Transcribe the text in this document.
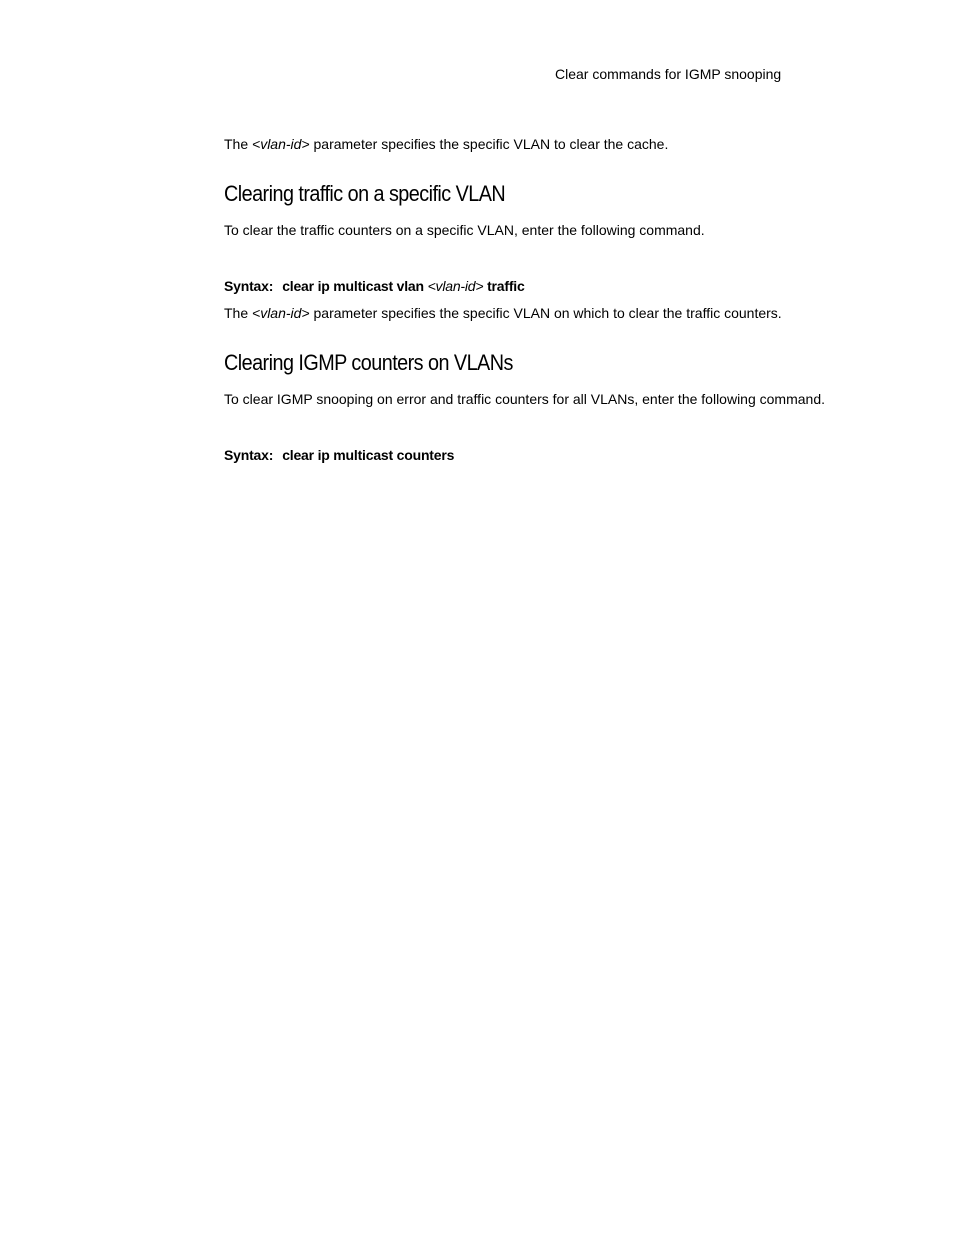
Clear commands for IGMP snooping
The <vlan-id> parameter specifies the specific VLAN to clear the cache.
Clearing traffic on a specific VLAN
To clear the traffic counters on a specific VLAN, enter the following command.
Syntax: clear ip multicast vlan <vlan-id> traffic
The <vlan-id> parameter specifies the specific VLAN on which to clear the traffic counters.
Clearing IGMP counters on VLANs
To clear IGMP snooping on error and traffic counters for all VLANs, enter the following command.
Syntax: clear ip multicast counters
